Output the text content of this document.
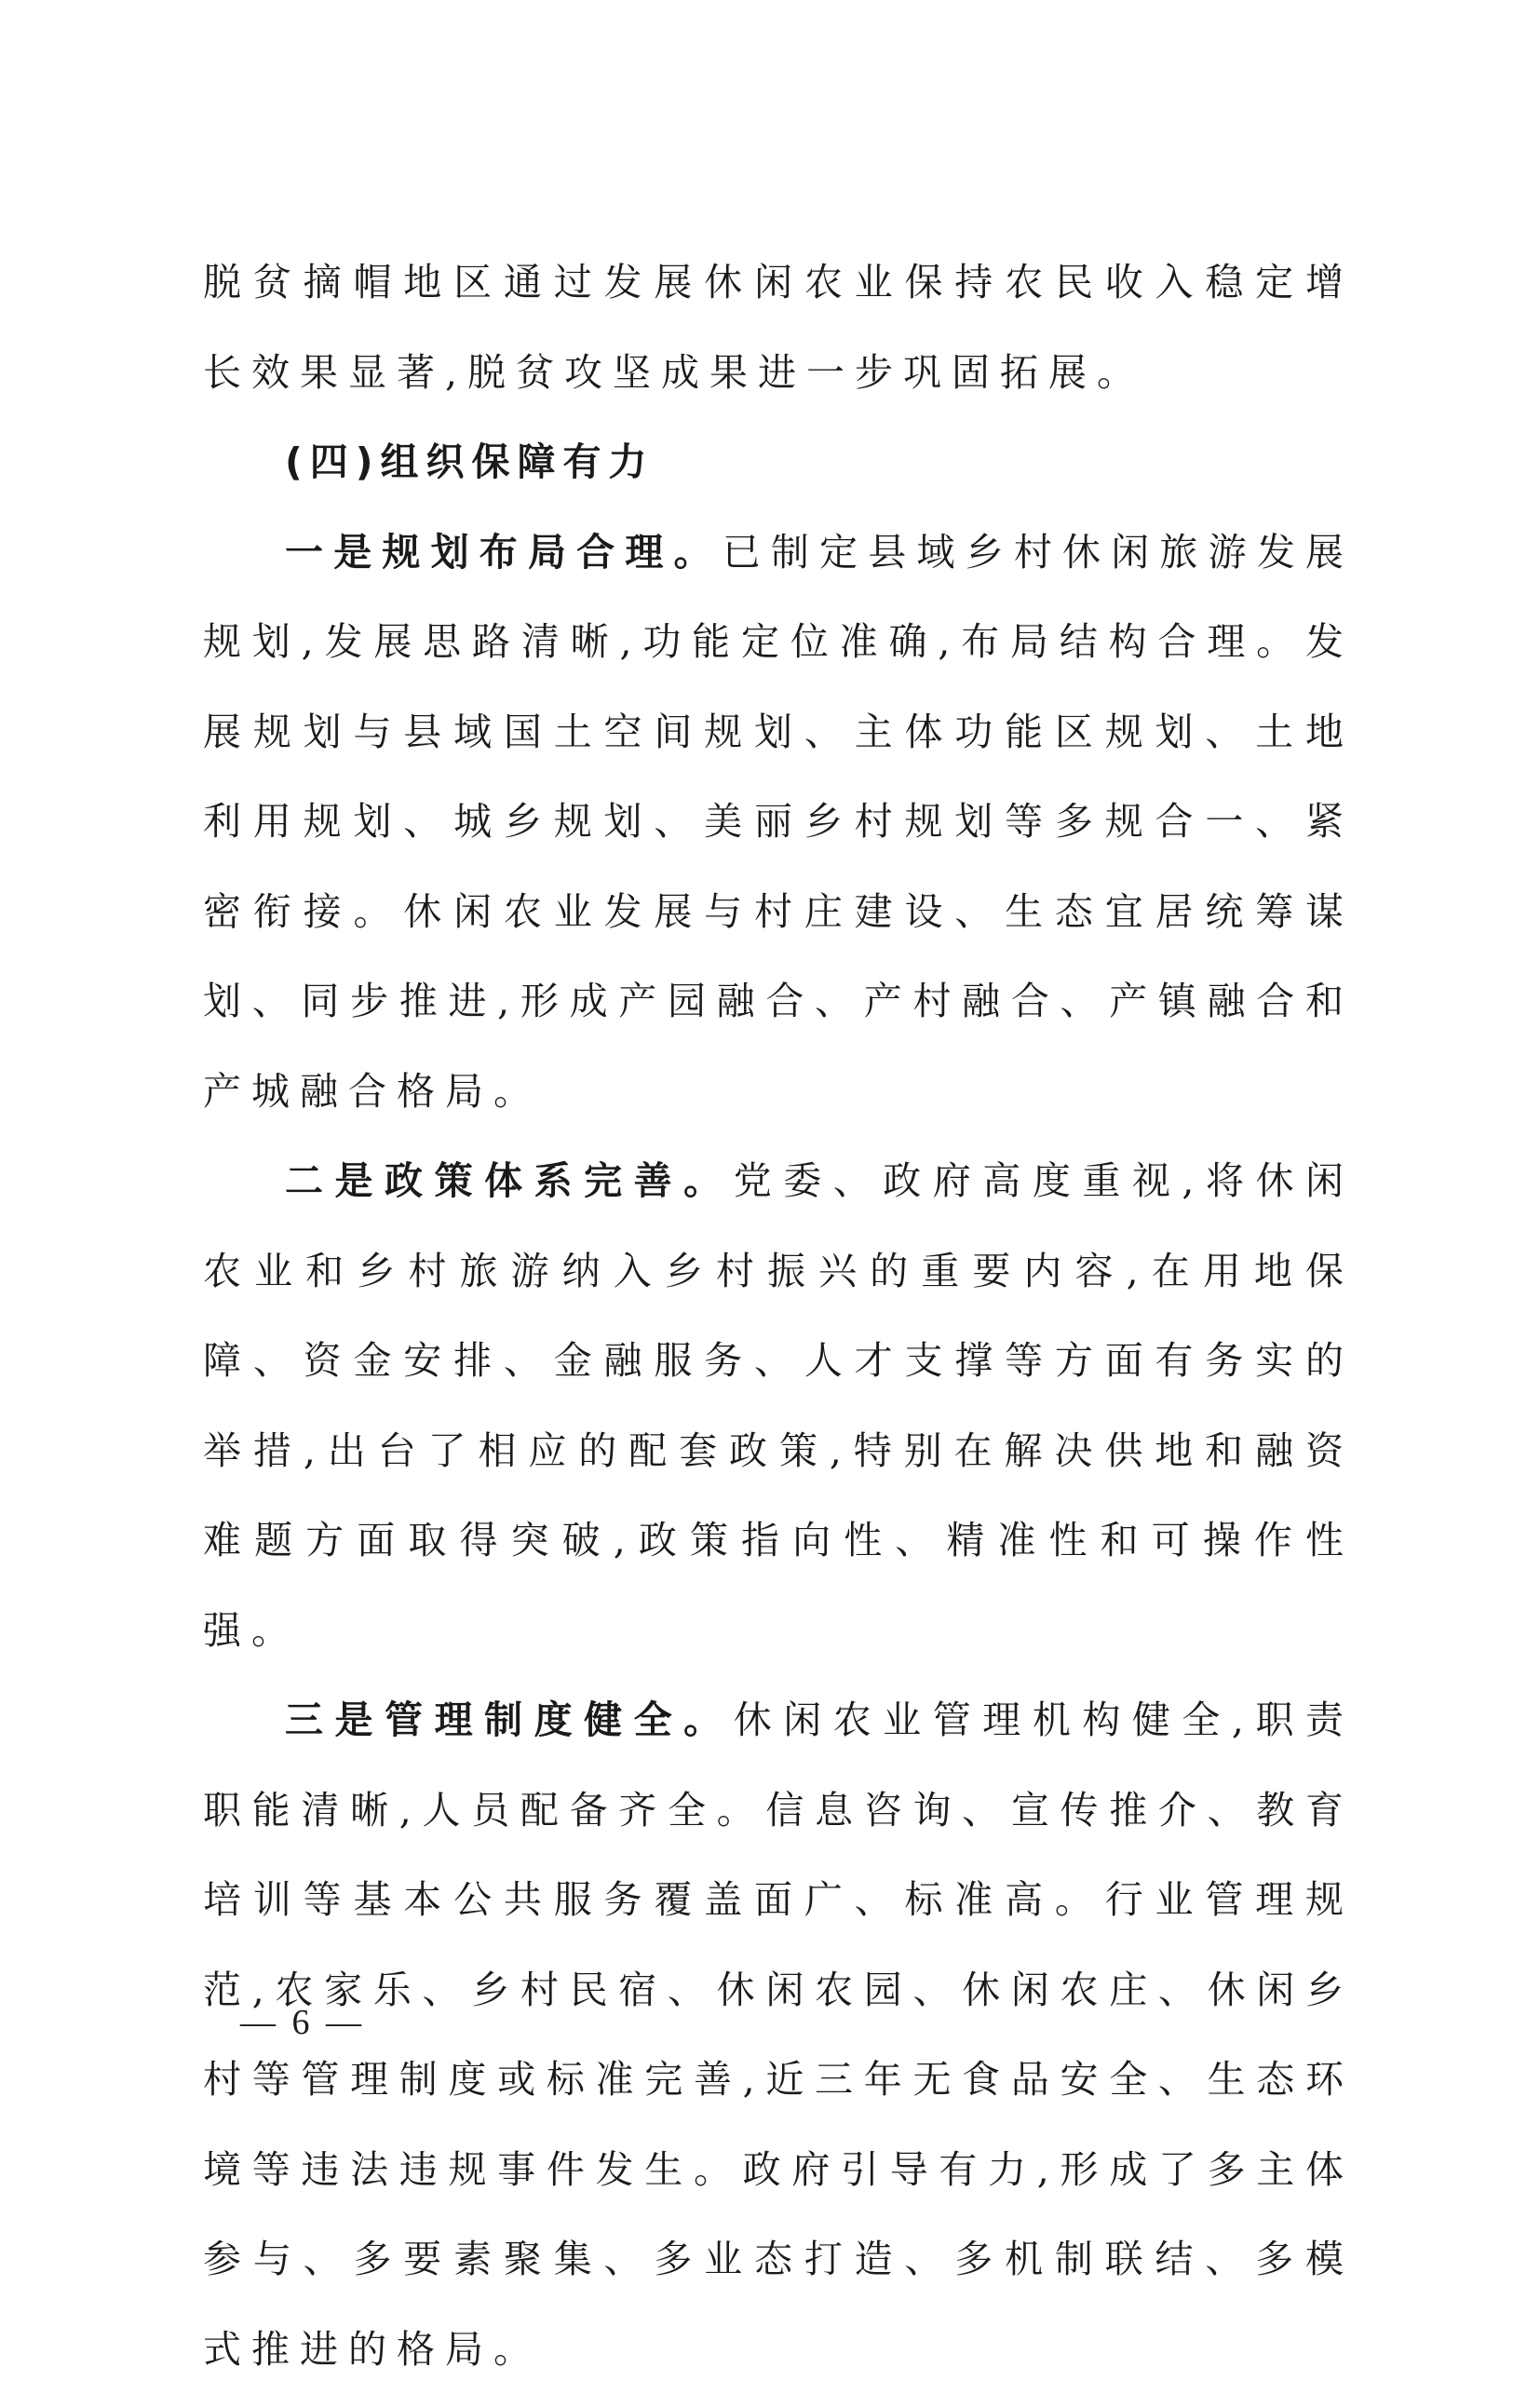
脱贫摘帽地区通过发展休闲农业保持农民收入稳定增长效果显著,脱贫攻坚成果进一步巩固拓展。

(四)组织保障有力

一是规划布局合理。已制定县域乡村休闲旅游发展规划,发展思路清晰,功能定位准确,布局结构合理。发展规划与县域国土空间规划、主体功能区规划、土地利用规划、城乡规划、美丽乡村规划等多规合一、紧密衔接。休闲农业发展与村庄建设、生态宜居统筹谋划、同步推进,形成产园融合、产村融合、产镇融合和产城融合格局。

二是政策体系完善。党委、政府高度重视,将休闲农业和乡村旅游纳入乡村振兴的重要内容,在用地保障、资金安排、金融服务、人才支撑等方面有务实的举措,出台了相应的配套政策,特别在解决供地和融资难题方面取得突破,政策指向性、精准性和可操作性强。

三是管理制度健全。休闲农业管理机构健全,职责职能清晰,人员配备齐全。信息咨询、宣传推介、教育培训等基本公共服务覆盖面广、标准高。行业管理规范,农家乐、乡村民宿、休闲农园、休闲农庄、休闲乡村等管理制度或标准完善,近三年无食品安全、生态环境等违法违规事件发生。政府引导有力,形成了多主体参与、多要素聚集、多业态打造、多机制联结、多模式推进的格局。

— 6 —
